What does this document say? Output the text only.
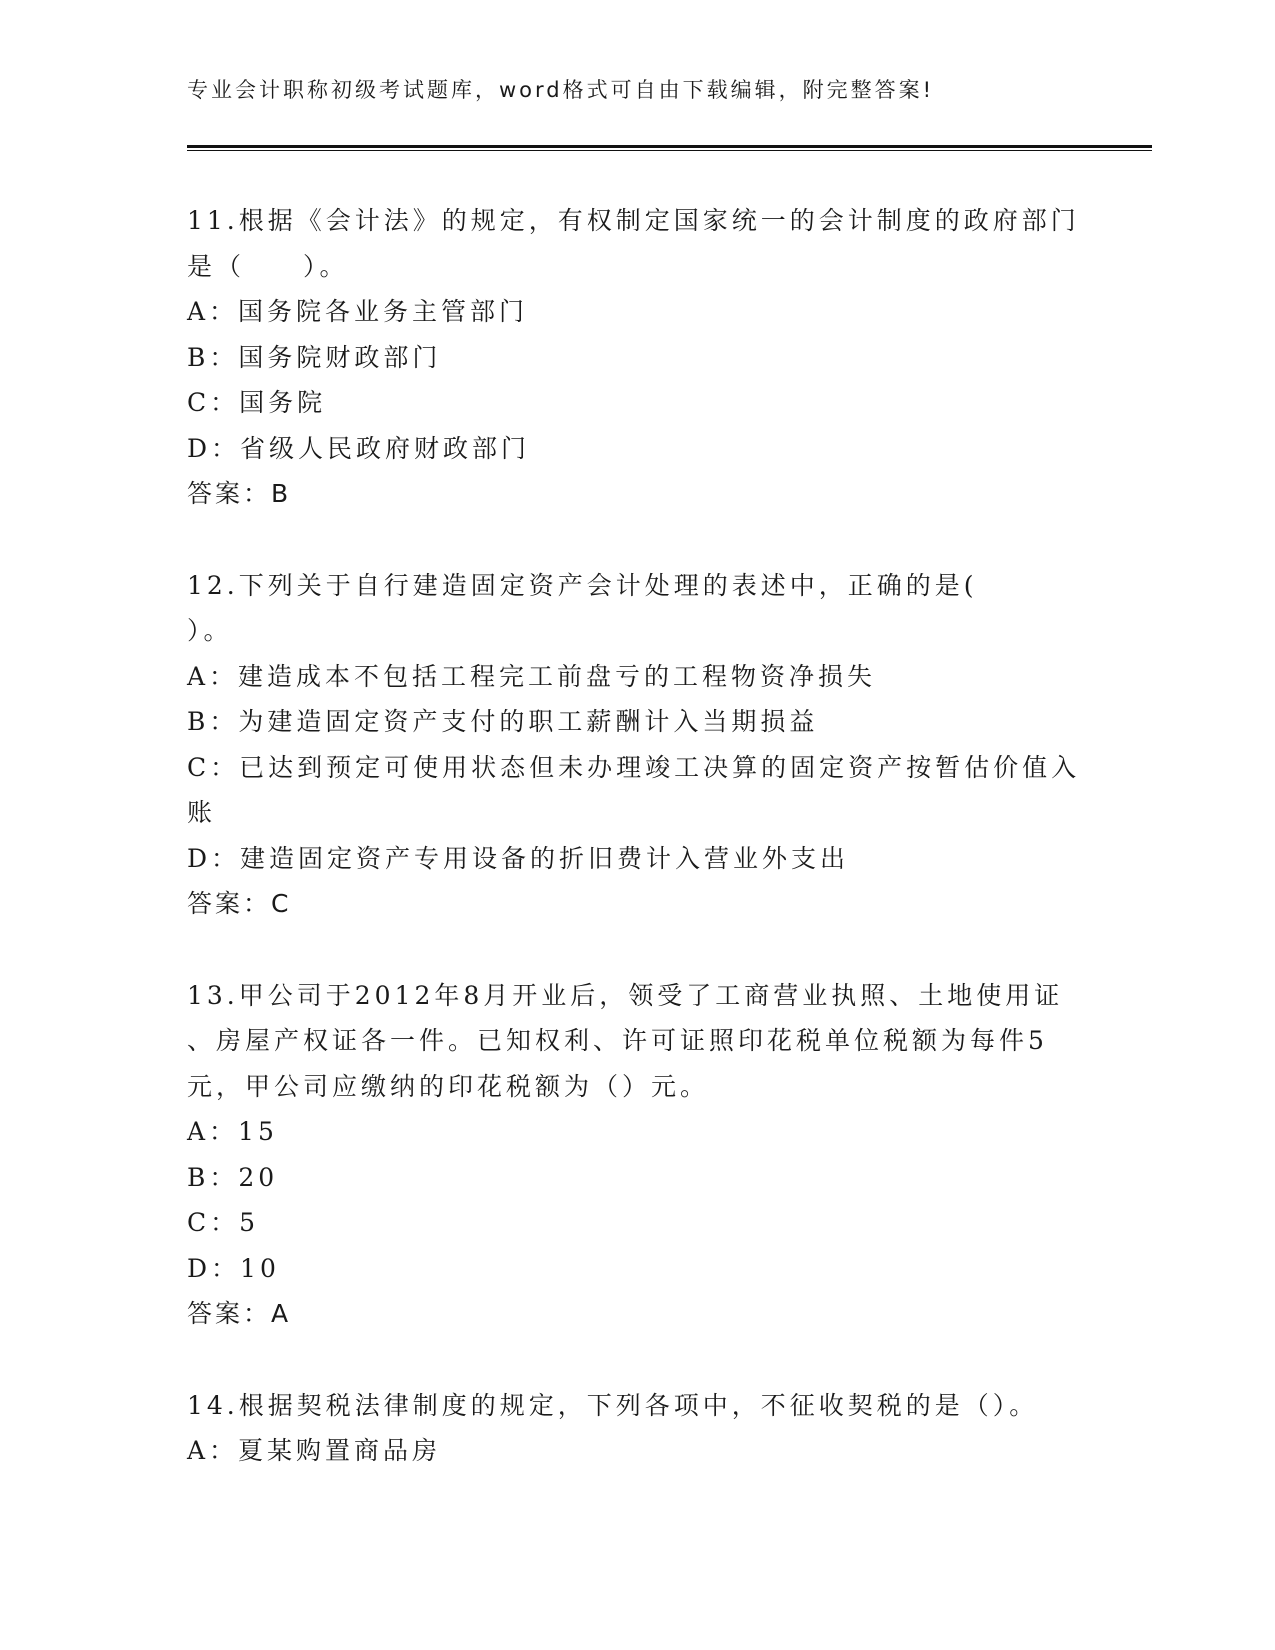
专业会计职称初级考试题库，word格式可自由下载编辑，附完整答案!
11.根据《会计法》的规定，有权制定国家统一的会计制度的政府部门
是（　　）。
A：国务院各业务主管部门
B：国务院财政部门
C：国务院
D：省级人民政府财政部门
答案：B
12.下列关于自行建造固定资产会计处理的表述中，正确的是(
）。
A：建造成本不包括工程完工前盘亏的工程物资净损失
B：为建造固定资产支付的职工薪酬计入当期损益
C：已达到预定可使用状态但未办理竣工决算的固定资产按暂估价值入
账
D：建造固定资产专用设备的折旧费计入营业外支出
答案：C
13.甲公司于2012年8月开业后，领受了工商营业执照、土地使用证
、房屋产权证各一件。已知权利、许可证照印花税单位税额为每件5
元，甲公司应缴纳的印花税额为（）元。
A：15
B：20
C：5
D：10
答案：A
14.根据契税法律制度的规定，下列各项中，不征收契税的是（）。
A：夏某购置商品房
